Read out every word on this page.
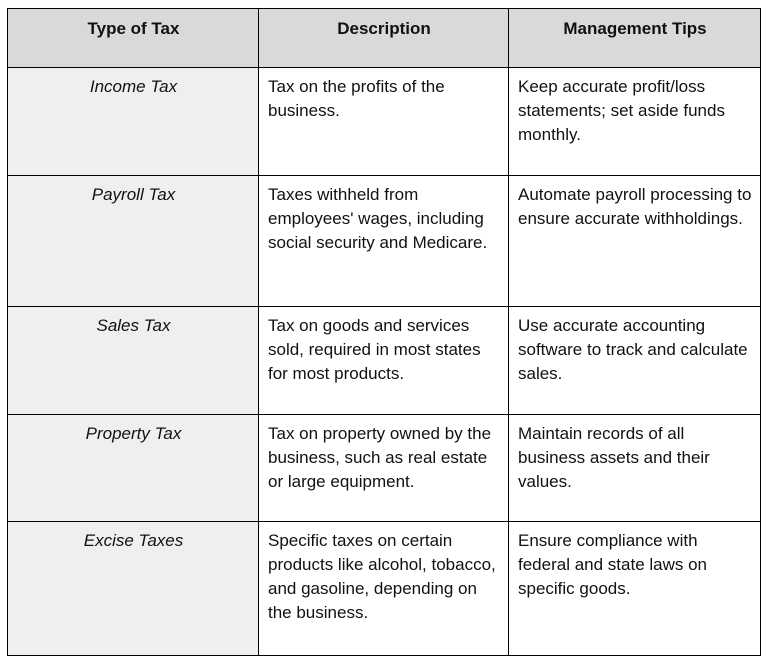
Type of Tax	Description	Management Tips
Income Tax	Tax on the profits of the business.	Keep accurate profit/loss statements; set aside funds monthly.
Payroll Tax	Taxes withheld from employees' wages, including social security and Medicare.	Automate payroll processing to ensure accurate withholdings.
Sales Tax	Tax on goods and services sold, required in most states for most products.	Use accurate accounting software to track and calculate sales.
Property Tax	Tax on property owned by the business, such as real estate or large equipment.	Maintain records of all business assets and their values.
Excise Taxes	Specific taxes on certain products like alcohol, tobacco, and gasoline, depending on the business.	Ensure compliance with federal and state laws on specific goods.
